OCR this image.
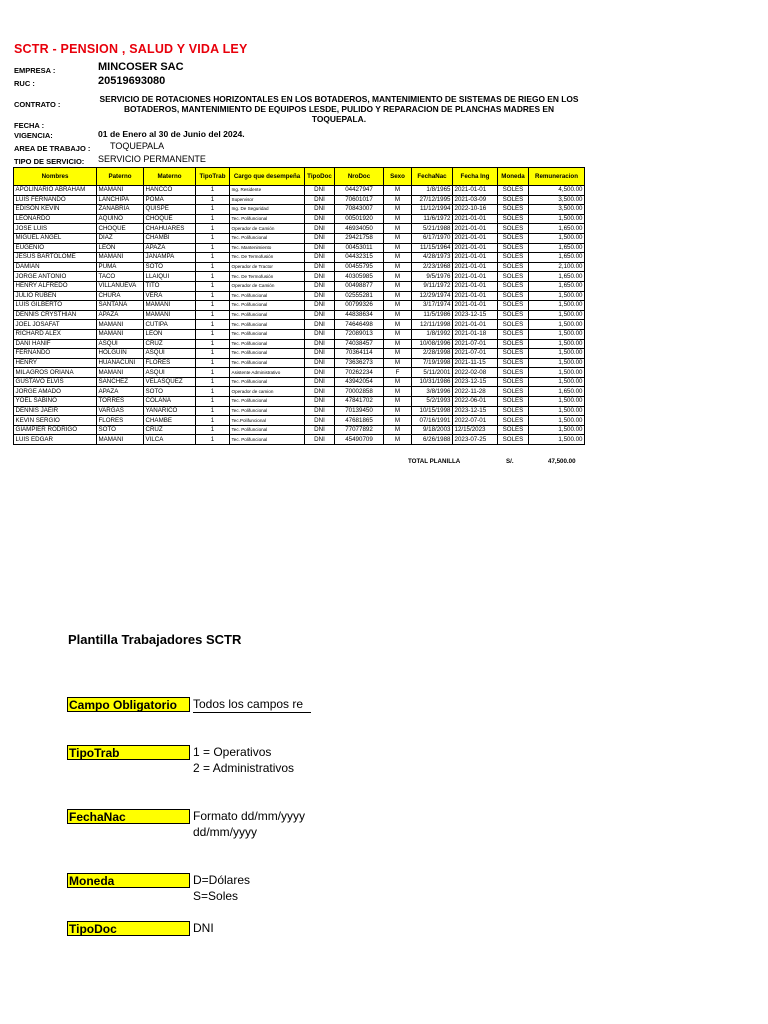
SCTR - PENSION , SALUD Y VIDA LEY
EMPRESA :	MINCOSER SAC
RUC :	20519693080
CONTRATO :
SERVICIO DE ROTACIONES HORIZONTALES EN LOS BOTADEROS, MANTENIMIENTO DE SISTEMAS DE RIEGO EN LOS BOTADEROS, MANTENIMIENTO DE EQUIPOS LESDE, PULIDO Y REPARACION DE PLANCHAS MADRES EN TOQUEPALA.
FECHA :
VIGENCIA:	01 de Enero al 30 de Junio del 2024.
AREA DE TRABAJO : TOQUEPALA
TIPO DE SERVICIO: SERVICIO PERMANENTE
Nombres	Paterno	Materno	TipoTrab	Cargo que desempeña	TipoDoc	NroDoc	Sexo	FechaNac	Fecha Ing	Moneda	Remuneracion
APOLINARIO ABRAHAM	MAMANI	HANCCO	1	Ing. Residente	DNI	04427947	M	1/8/1965	2021-01-01	SOLES	4,500.00
LUIS FERNANDO	LANCHIPA	POMA	1	Supervisor	DNI	70601017	M	27/12/1995	2021-03-09	SOLES	3,500.00
EDISON KEVIN	ZANABRIA	QUISPE	1	Ing. De Seguridad	DNI	70843007	M	11/12/1994	2022-10-16	SOLES	3,500.00
LEONARDO	AQUINO	CHOQUE	1	Tec. Polifuncional	DNI	00501920	M	11/6/1972	2021-01-01	SOLES	1,500.00
JOSE LUIS	CHOQUE	CHAHUARES	1	Operador de Camión	DNI	46934050	M	5/21/1988	2021-01-01	SOLES	1,650.00
MIGUEL ANGEL	DIAZ	CHAMBI	1	Tec. Polifuncional	DNI	29421758	M	6/17/1970	2021-01-01	SOLES	1,500.00
EUGENIO	LEON	APAZA	1	Tec. Mantenimiento	DNI	00453011	M	11/15/1964	2021-01-01	SOLES	1,650.00
JESUS BARTOLOME	MAMANI	JANAMPA	1	Tec. De Termofusión	DNI	04432315	M	4/28/1973	2021-01-01	SOLES	1,650.00
DAMIAN	PUMA	SOTO	1	Operador de Tractor	DNI	00455795	M	2/23/1968	2021-01-01	SOLES	2,100.00
JORGE ANTONIO	TACO	LLAIQUI	1	Tec. De Termofusión	DNI	40305985	M	9/5/1976	2021-01-01	SOLES	1,650.00
HENRY ALFREDO	VILLANUEVA	TITO	1	Operador de Camión	DNI	00498877	M	9/11/1972	2021-01-01	SOLES	1,650.00
JULIO RUBEN	CHURA	VERA	1	Tec. Polifuncional	DNI	02555281	M	12/29/1974	2021-01-01	SOLES	1,500.00
LUIS GILBERTO	SANTANA	MAMANI	1	Tec. Polifuncional	DNI	00799326	M	3/17/1974	2021-01-01	SOLES	1,500.00
DENNIS CRYSTHIAN	APAZA	MAMANI	1	Tec. Polifuncional	DNI	44838634	M	11/5/1986	2023-12-15	SOLES	1,500.00
JOEL JOSAFAT	MAMANI	CUTIPA	1	Tec. Polifuncional	DNI	74646498	M	12/11/1998	2021-01-01	SOLES	1,500.00
RICHARD ALEX	MAMANI	LEON	1	Tec. Polifuncional	DNI	72089013	M	1/8/1992	2021-01-18	SOLES	1,500.00
DANI HANIF	ASQUI	CRUZ	1	Tec. Polifuncional	DNI	74038457	M	10/08/1996	2021-07-01	SOLES	1,500.00
FERNANDO	HOLGUIN	ASQUI	1	Tec. Polifuncional	DNI	70364114	M	2/28/1998	2021-07-01	SOLES	1,500.00
HENRY	HUANACUNI	FLORES	1	Tec. Polifuncional	DNI	73636273	M	7/19/1998	2021-11-15	SOLES	1,500.00
MILAGROS ORIANA	MAMANI	ASQUI	1	Asistente Administrativo	DNI	70262234	F	5/11/2001	2022-02-08	SOLES	1,500.00
GUSTAVO ELVIS	SANCHEZ	VELASQUEZ	1	Tec. Polifuncional	DNI	43942054	M	10/31/1986	2023-12-15	SOLES	1,500.00
JORGE AMADO	APAZA	SOTO	1	Operador de camion	DNI	70002858	M	3/8/1996	2022-11-28	SOLES	1,650.00
YOEL SABINO	TORRES	COLANA	1	Tec. Polifuncional	DNI	47841702	M	5/2/1993	2022-06-01	SOLES	1,500.00
DENNIS JAEIR	VARGAS	YANARICO	1	Tec. Polifuncional	DNI	70139450	M	10/15/1998	2023-12-15	SOLES	1,500.00
KEVIN SERGIO	FLORES	CHAMBE	1	Tec.Polifuncional	DNI	47681865	M	07/16/1991	2022-07-01	SOLES	1,500.00
GIAMPIER RODRIGO	SOTO	CRUZ	1	Tec. Polifuncional	DNI	77077892	M	9/18/2003	12/15/2023	SOLES	1,500.00
LUIS EDGAR	MAMANI	VILCA	1	Tec. Polifuncional	DNI	45490709	M	6/26/1988	2023-07-25	SOLES	1,500.00
TOTAL PLANILLA	S/.	47,500.00
Plantilla Trabajadores SCTR
Campo Obligatorio	Todos los campos re
TipoTrab	1 = Operativos
2 = Administrativos
FechaNac	Formato dd/mm/yyyy
dd/mm/yyyy
Moneda	D=Dólares
S=Soles
TipoDoc	DNI
